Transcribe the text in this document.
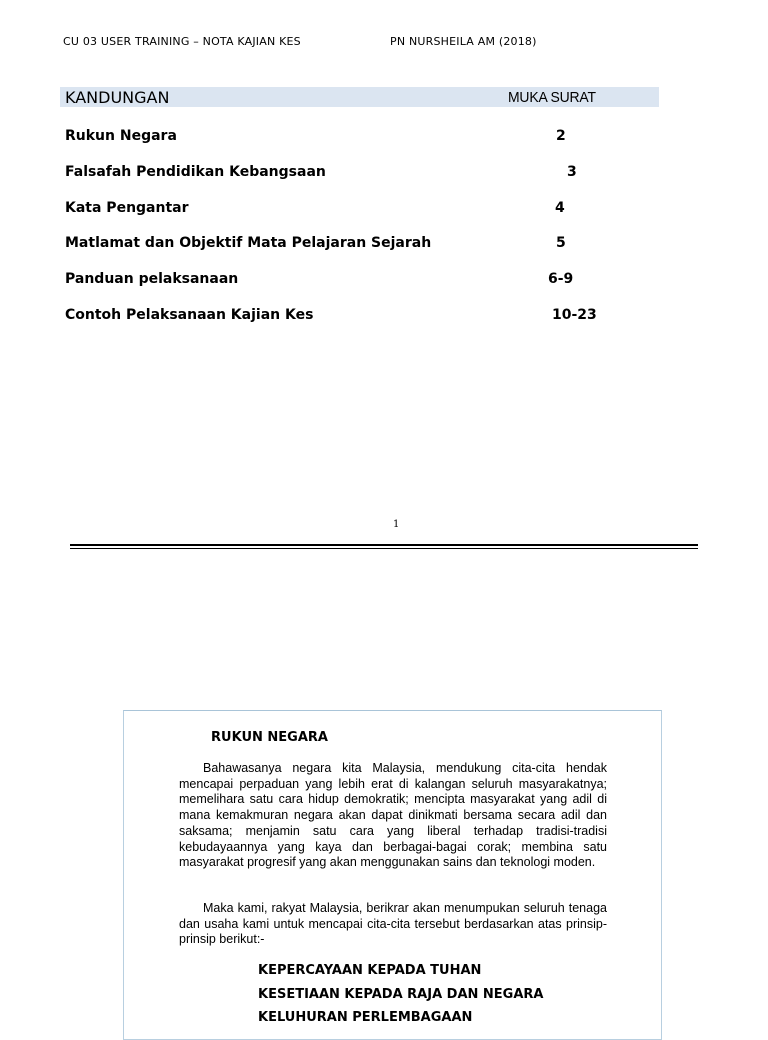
CU 03 USER TRAINING – NOTA KAJIAN KES	PN NURSHEILA AM (2018)
KANDUNGAN	MUKA SURAT
Rukun Negara	2
Falsafah Pendidikan Kebangsaan	3
Kata Pengantar	4
Matlamat dan Objektif Mata Pelajaran Sejarah	5
Panduan pelaksanaan	6-9
Contoh Pelaksanaan Kajian Kes	10-23
1
RUKUN NEGARA
Bahawasanya negara kita Malaysia, mendukung cita-cita hendak mencapai perpaduan yang lebih erat di kalangan seluruh masyarakatnya; memelihara satu cara hidup demokratik; mencipta masyarakat yang adil di mana kemakmuran negara akan dapat dinikmati bersama secara adil dan saksama; menjamin satu cara yang liberal terhadap tradisi-tradisi kebudayaannya yang kaya dan berbagai-bagai corak; membina satu masyarakat progresif yang akan menggunakan sains dan teknologi moden.
Maka kami, rakyat Malaysia, berikrar akan menumpukan seluruh tenaga dan usaha kami untuk mencapai cita-cita tersebut berdasarkan atas prinsip-prinsip berikut:-
KEPERCAYAAN KEPADA TUHAN
KESETIAAN KEPADA RAJA DAN NEGARA
KELUHURAN PERLEMBAGAAN
